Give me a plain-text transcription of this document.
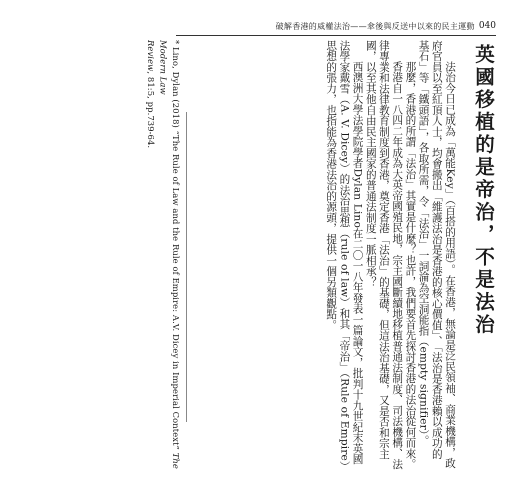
破解香港的威權法治——傘後與反送中以來的民主運動 040
英國移植的是帝治，不是法治

法治今日已成為「萬能Key」（百搭的用語）。在香港，無論是泛民領袖、商業機構，政府官員以至紅頂人士，均會搬出「維護法治是香港的核心價值」、「法治是香港賴以成功的基石」等「鐵頭語」，各取所需，令「法治」一詞淪為空洞能指（empty signifier）。

那麼，香港的所謂「法治」其實是什麼？也許，我們要首先探討香港的法治從何而來。

香港自一八四二年成為大英帝國殖民地，宗主國斷續地移植普通法制度、司法機構、法律專業和法律教育制度到香港，奠定香港「法治」的基礎，但這法治基礎，又是否和宗主國，以至其他自由民主國家的普通法制度一脈相承？

西澳洲大學法學院學者Dylan Lino在二〇一八年發表一篇論文，批判十九世紀末英國法學家戴雪（A. V. Dicey）的法治思想（rule of law）和其「帝治」（Rule of Empire）思想的張力，也指能為香港法治的源頭，提供一個另類觀點。

* Lino, Dylan (2018) “The Rule of Law and the Rule of Empire: A.V. Dicey in Imperial Context” The Modern Law
Review, 81:5, pp.739-64.
